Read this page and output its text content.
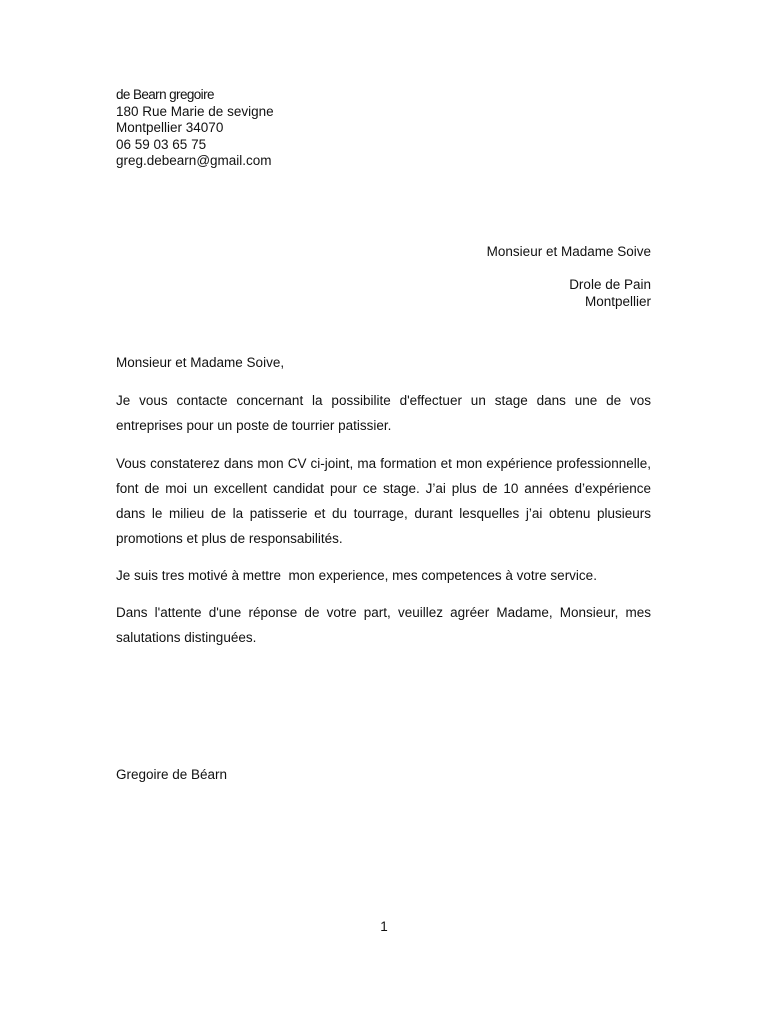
de Bearn gregoire
180 Rue Marie de sevigne
Montpellier 34070
06 59 03 65 75
greg.debearn@gmail.com
Monsieur et Madame Soive
Drole de Pain
Montpellier
Monsieur et Madame Soive,
Je vous contacte concernant la possibilite d'effectuer un stage dans une de vos entreprises pour un poste de tourrier patissier.
Vous constaterez dans mon CV ci-joint, ma formation et mon expérience professionnelle, font de moi un excellent candidat pour ce stage. J’ai plus de 10 années d’expérience dans le milieu de la patisserie et du tourrage, durant lesquelles j’ai obtenu plusieurs promotions et plus de responsabilités.
Je suis tres motivé à mettre  mon experience, mes competences à votre service.
Dans l'attente d'une réponse de votre part, veuillez agréer Madame, Monsieur, mes salutations distinguées.
Gregoire de Béarn
1
